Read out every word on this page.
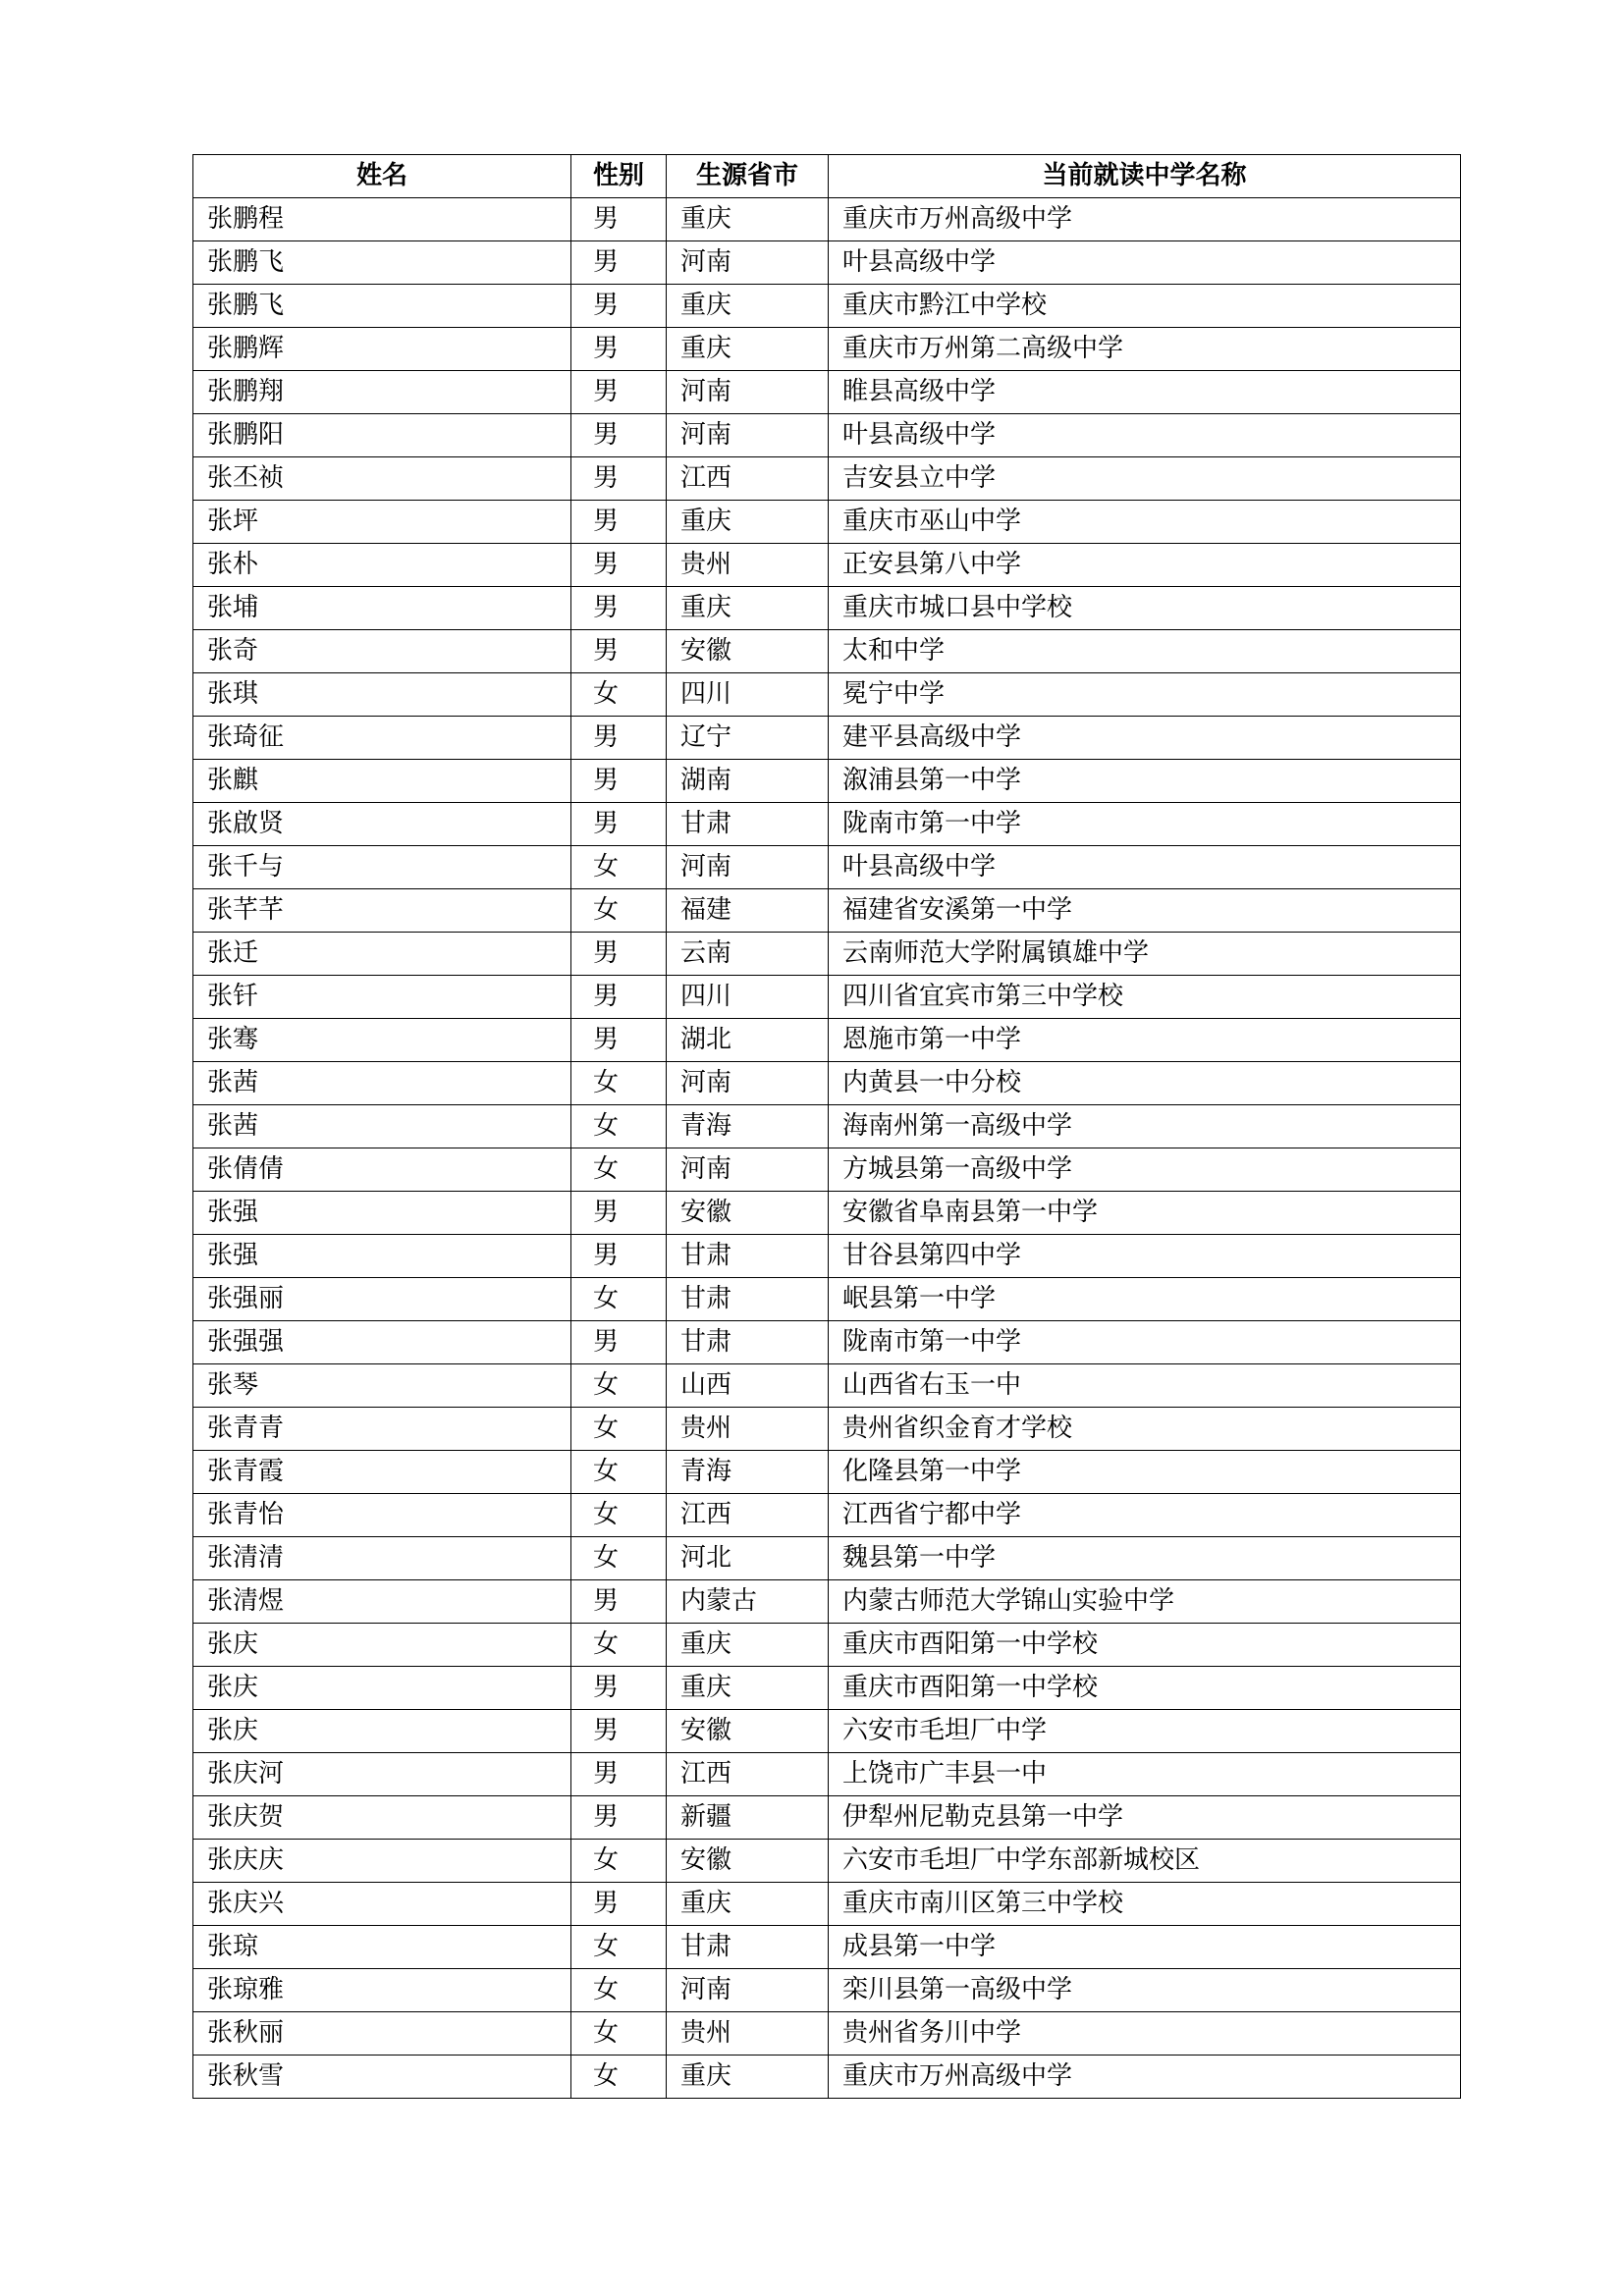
姓名	性别	生源省市	当前就读中学名称
张鹏程	男	重庆	重庆市万州高级中学
张鹏飞	男	河南	叶县高级中学
张鹏飞	男	重庆	重庆市黔江中学校
张鹏辉	男	重庆	重庆市万州第二高级中学
张鹏翔	男	河南	睢县高级中学
张鹏阳	男	河南	叶县高级中学
张丕祯	男	江西	吉安县立中学
张坪	男	重庆	重庆市巫山中学
张朴	男	贵州	正安县第八中学
张埔	男	重庆	重庆市城口县中学校
张奇	男	安徽	太和中学
张琪	女	四川	冕宁中学
张琦征	男	辽宁	建平县高级中学
张麒	男	湖南	溆浦县第一中学
张啟贤	男	甘肃	陇南市第一中学
张千与	女	河南	叶县高级中学
张芊芊	女	福建	福建省安溪第一中学
张迁	男	云南	云南师范大学附属镇雄中学
张钎	男	四川	四川省宜宾市第三中学校
张骞	男	湖北	恩施市第一中学
张茜	女	河南	内黄县一中分校
张茜	女	青海	海南州第一高级中学
张倩倩	女	河南	方城县第一高级中学
张强	男	安徽	安徽省阜南县第一中学
张强	男	甘肃	甘谷县第四中学
张强丽	女	甘肃	岷县第一中学
张强强	男	甘肃	陇南市第一中学
张琴	女	山西	山西省右玉一中
张青青	女	贵州	贵州省织金育才学校
张青霞	女	青海	化隆县第一中学
张青怡	女	江西	江西省宁都中学
张清清	女	河北	魏县第一中学
张清煜	男	内蒙古	内蒙古师范大学锦山实验中学
张庆	女	重庆	重庆市酉阳第一中学校
张庆	男	重庆	重庆市酉阳第一中学校
张庆	男	安徽	六安市毛坦厂中学
张庆河	男	江西	上饶市广丰县一中
张庆贺	男	新疆	伊犁州尼勒克县第一中学
张庆庆	女	安徽	六安市毛坦厂中学东部新城校区
张庆兴	男	重庆	重庆市南川区第三中学校
张琼	女	甘肃	成县第一中学
张琼雅	女	河南	栾川县第一高级中学
张秋丽	女	贵州	贵州省务川中学
张秋雪	女	重庆	重庆市万州高级中学
